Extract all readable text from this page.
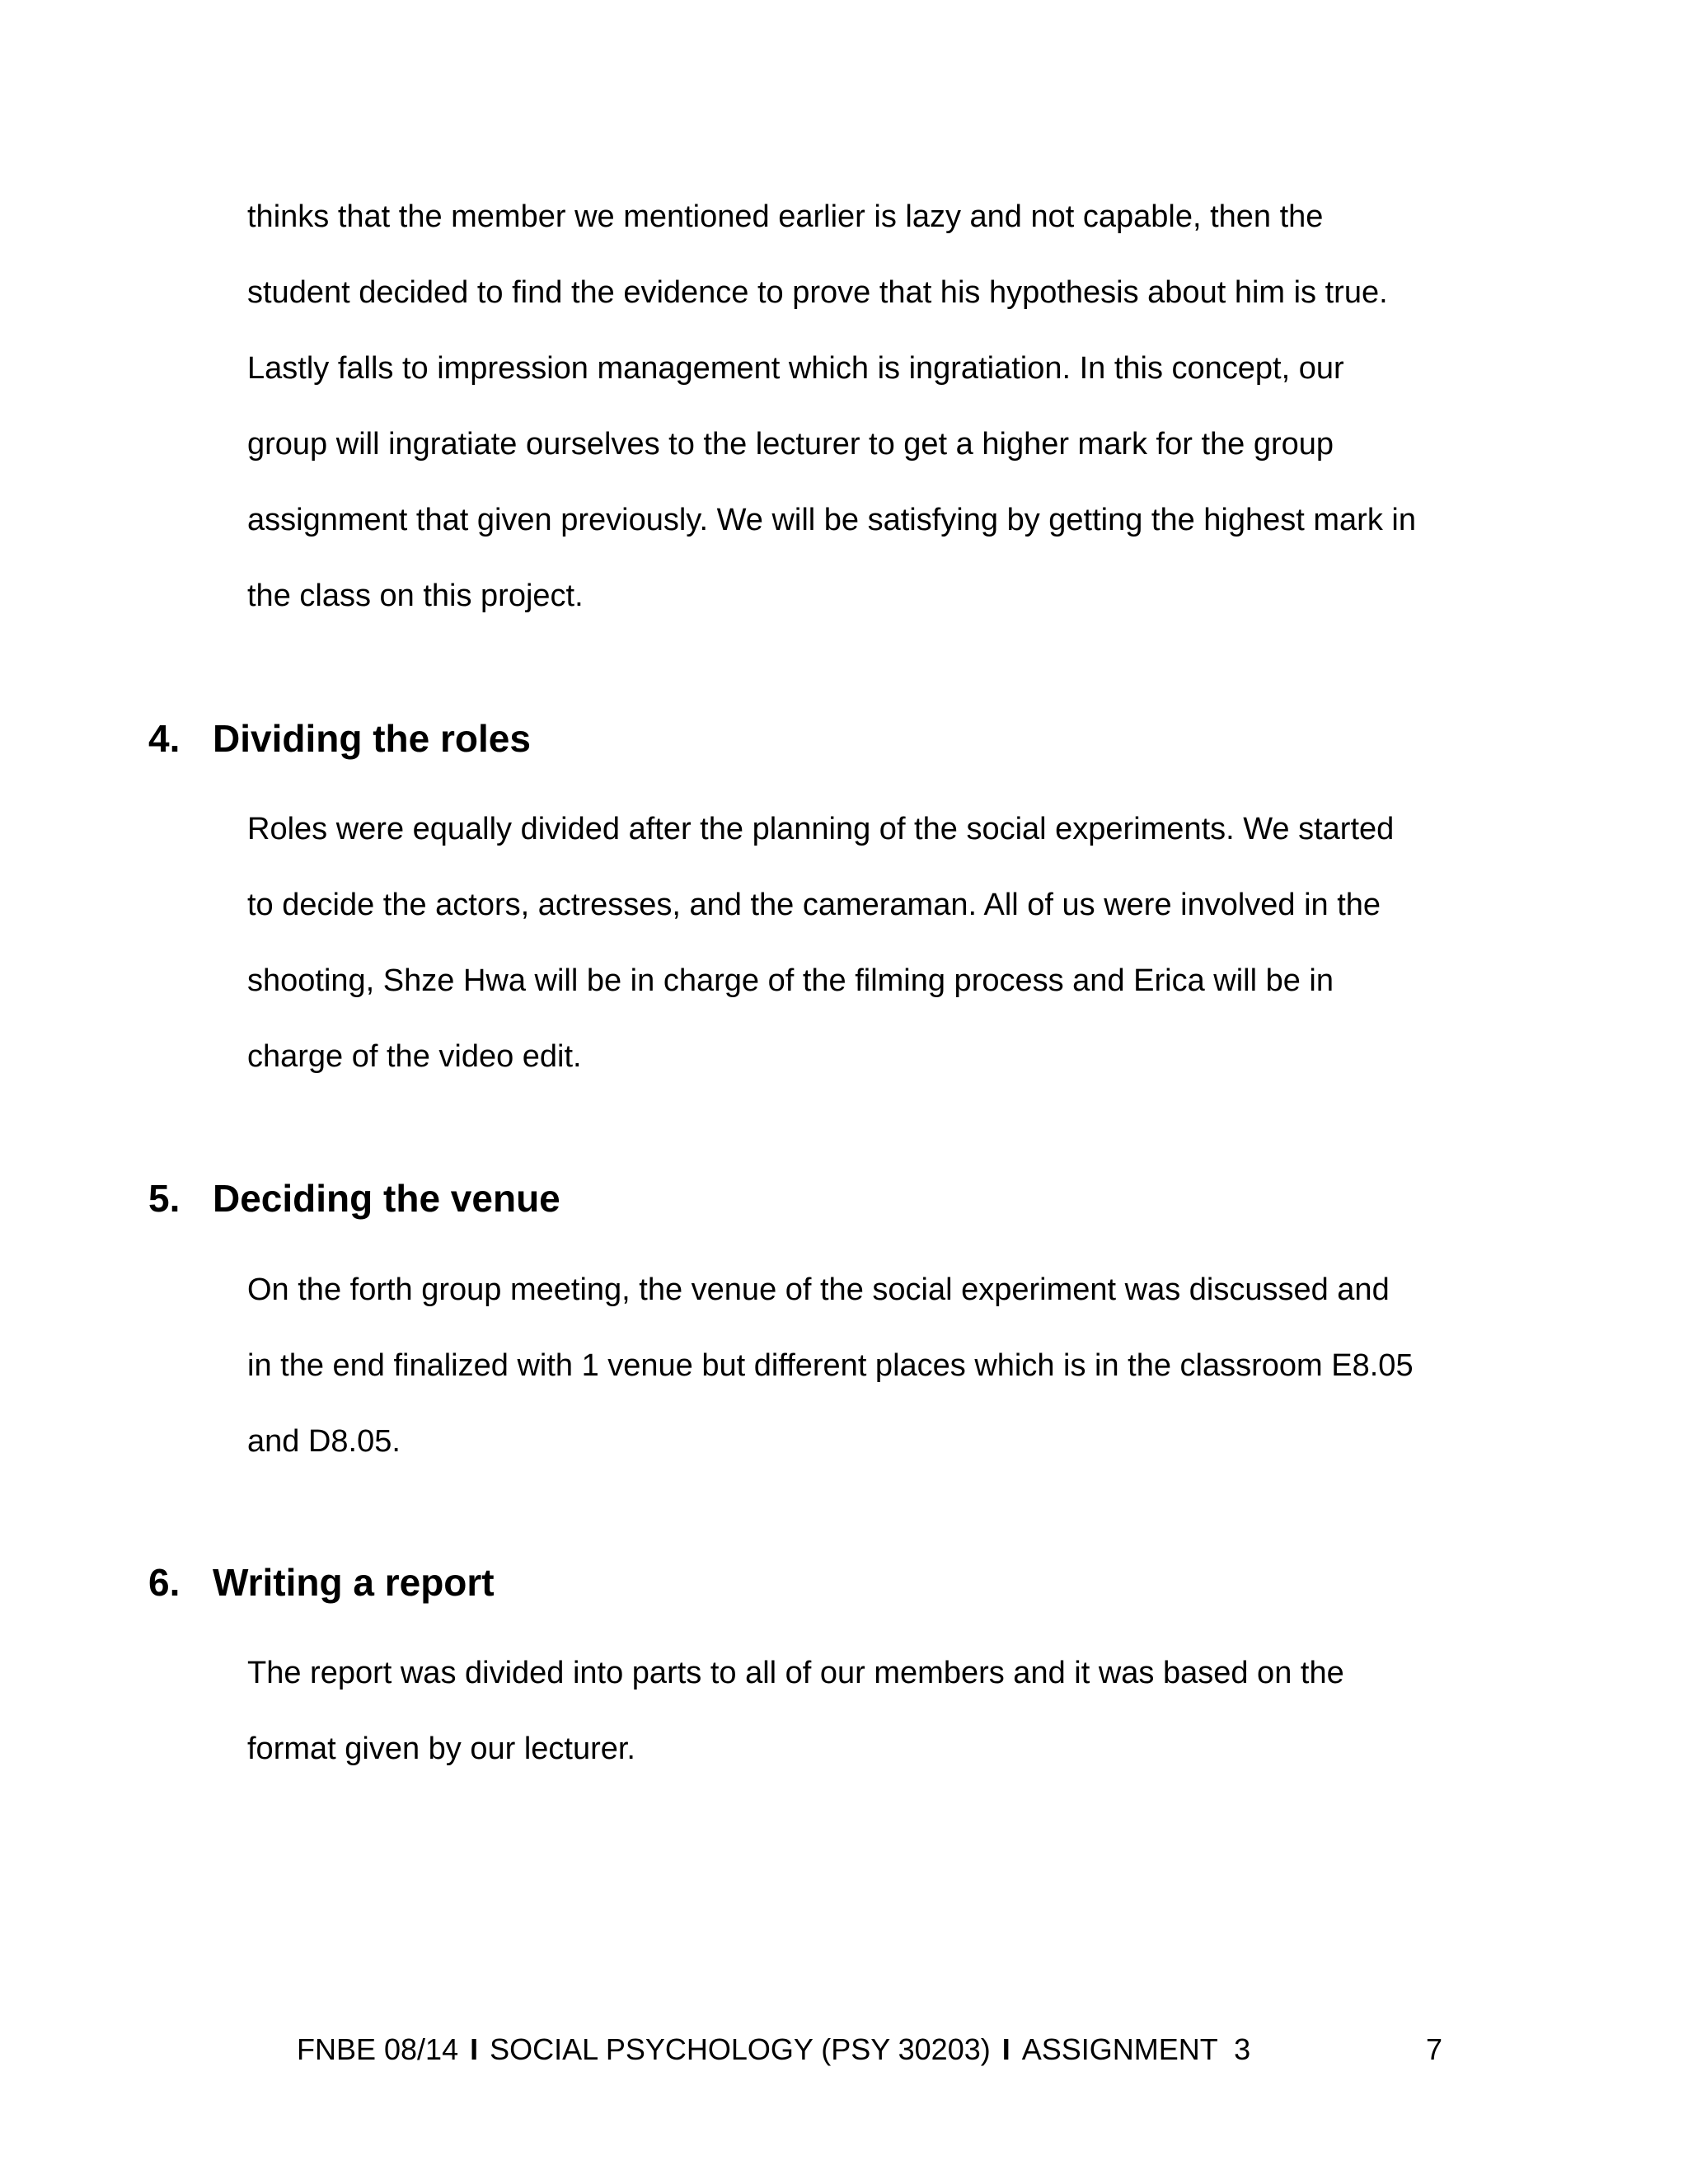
thinks that the member we mentioned earlier is lazy and not capable, then the
student decided to find the evidence to prove that his hypothesis about him is true.
Lastly falls to impression management which is ingratiation. In this concept, our
group will ingratiate ourselves to the lecturer to get a higher mark for the group
assignment that given previously. We will be satisfying by getting the highest mark in
the class on this project.
4. Dividing the roles
Roles were equally divided after the planning of the social experiments. We started
to decide the actors, actresses, and the cameraman. All of us were involved in the
shooting, Shze Hwa will be in charge of the filming process and Erica will be in
charge of the video edit.
5. Deciding the venue
On the forth group meeting, the venue of the social experiment was discussed and
in the end finalized with 1 venue but different places which is in the classroom E8.05
and D8.05.
6. Writing a report
The report was divided into parts to all of our members and it was based on the
format given by our lecturer.
FNBE 08/14 I SOCIAL PSYCHOLOGY (PSY 30203) I ASSIGNMENT  3	7
